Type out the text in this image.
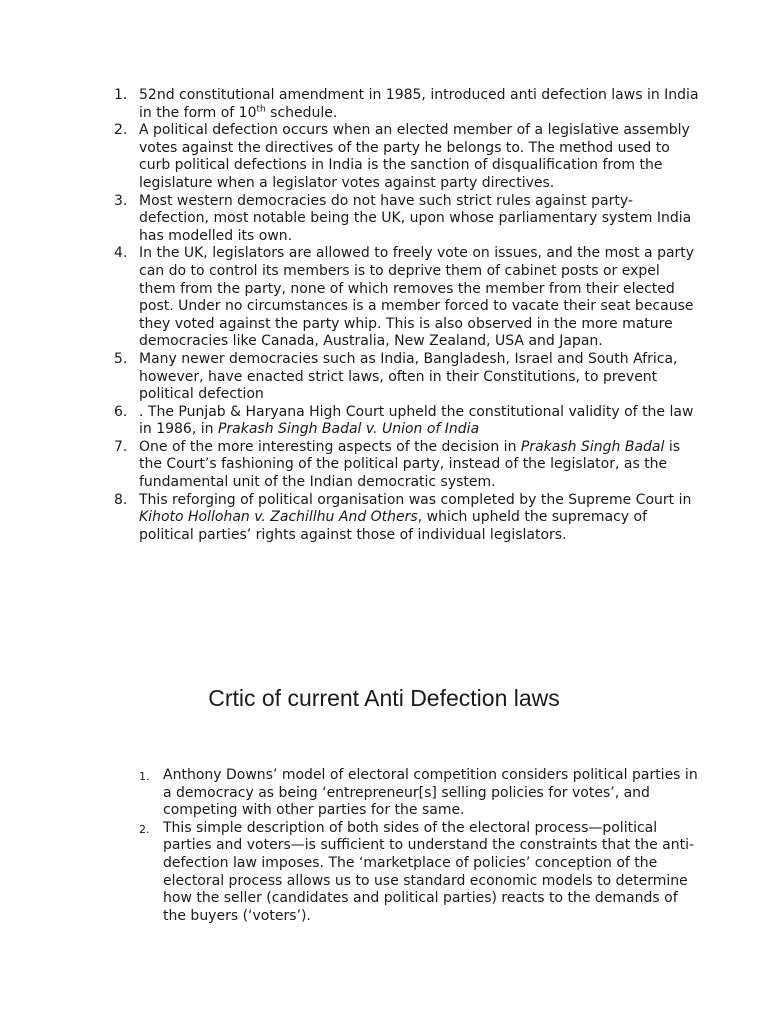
1. 52nd constitutional amendment in 1985, introduced anti defection laws in India in the form of 10th schedule.
2. A political defection occurs when an elected member of a legislative assembly votes against the directives of the party he belongs to. The method used to curb political defections in India is the sanction of disqualification from the legislature when a legislator votes against party directives.
3. Most western democracies do not have such strict rules against party-defection, most notable being the UK, upon whose parliamentary system India has modelled its own.
4. In the UK, legislators are allowed to freely vote on issues, and the most a party can do to control its members is to deprive them of cabinet posts or expel them from the party, none of which removes the member from their elected post. Under no circumstances is a member forced to vacate their seat because they voted against the party whip. This is also observed in the more mature democracies like Canada, Australia, New Zealand, USA and Japan.
5. Many newer democracies such as India, Bangladesh, Israel and South Africa, however, have enacted strict laws, often in their Constitutions, to prevent political defection
6. . The Punjab & Haryana High Court upheld the constitutional validity of the law in 1986, in Prakash Singh Badal v. Union of India
7. One of the more interesting aspects of the decision in Prakash Singh Badal is the Court’s fashioning of the political party, instead of the legislator, as the fundamental unit of the Indian democratic system.
8. This reforging of political organisation was completed by the Supreme Court in Kihoto Hollohan v. Zachillhu And Others, which upheld the supremacy of political parties’ rights against those of individual legislators.
Crtic of current Anti Defection laws
1. Anthony Downs’ model of electoral competition considers political parties in a democracy as being ‘entrepreneur[s] selling policies for votes’, and competing with other parties for the same.
2. This simple description of both sides of the electoral process—political parties and voters—is sufficient to understand the constraints that the anti-defection law imposes. The ‘marketplace of policies’ conception of the electoral process allows us to use standard economic models to determine how the seller (candidates and political parties) reacts to the demands of the buyers (‘voters’).
